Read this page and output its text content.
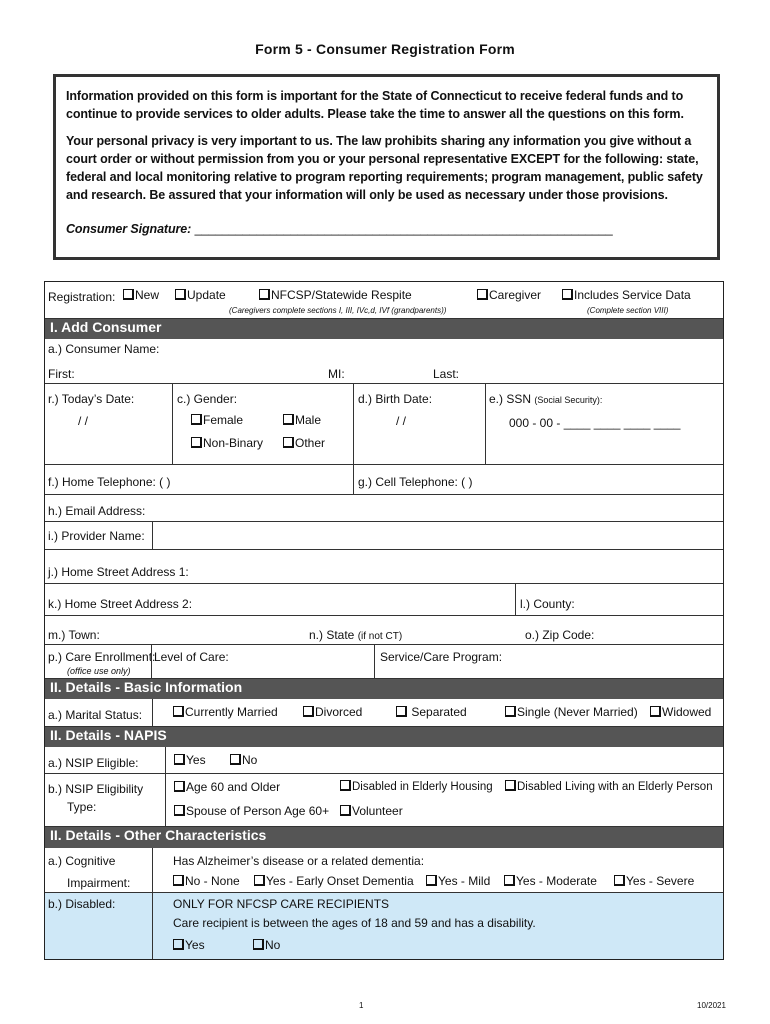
Form 5 - Consumer Registration Form

Information provided on this form is important for the State of Connecticut to receive federal funds and to continue to provide services to older adults. Please take the time to answer all the questions on this form.

Your personal privacy is very important to us. The law prohibits sharing any information you give without a court order or without permission from you or your personal representative EXCEPT for the following: state, federal and local monitoring relative to program reporting requirements; program management, public safety and research. Be assured that your information will only be used as necessary under those provisions.

Consumer Signature: _____________________________________________________________
Registration:	New	Update	NFCSP/Statewide Respite
(Caregivers complete sections I, III, IVc,d, IVf (grandparents))
Caregiver	Includes Service Data
(Complete section VIII)
I. Add Consumer
a.) Consumer Name:
First:	MI:	Last:
r.) Today’s Date:
/ /
c.) Gender:
Female	Male
Non-Binary	Other
d.) Birth Date:
/ /
e.) SSN (Social Security):
000 - 00 - ____ ____ ____ ____
f.) Home Telephone: ( )	g.) Cell Telephone: ( )
h.) Email Address:
i.) Provider Name:
j.) Home Street Address 1:
k.) Home Street Address 2:	l.) County:
m.) Town:	n.) State (if not CT)	o.) Zip Code:
p.) Care Enrollment:
(office use only)
Level of Care:	Service/Care Program:
II. Details - Basic Information
a.) Marital Status:	Currently Married	Divorced	Separated	Single (Never Married)	Widowed
II. Details - NAPIS
a.) NSIP Eligible:	Yes	No
b.) NSIP Eligibility
Type:
Age 60 and Older	Disabled in Elderly Housing	Disabled Living with an Elderly Person
Spouse of Person Age 60+	Volunteer
II. Details - Other Characteristics
a.) Cognitive
Impairment:
Has Alzheimer’s disease or a related dementia:
No - None	Yes - Early Onset Dementia	Yes - Mild	Yes - Moderate	Yes - Severe
b.) Disabled:	ONLY FOR NFCSP CARE RECIPIENTS
Care recipient is between the ages of 18 and 59 and has a disability.
Yes	No
1	10/2021
